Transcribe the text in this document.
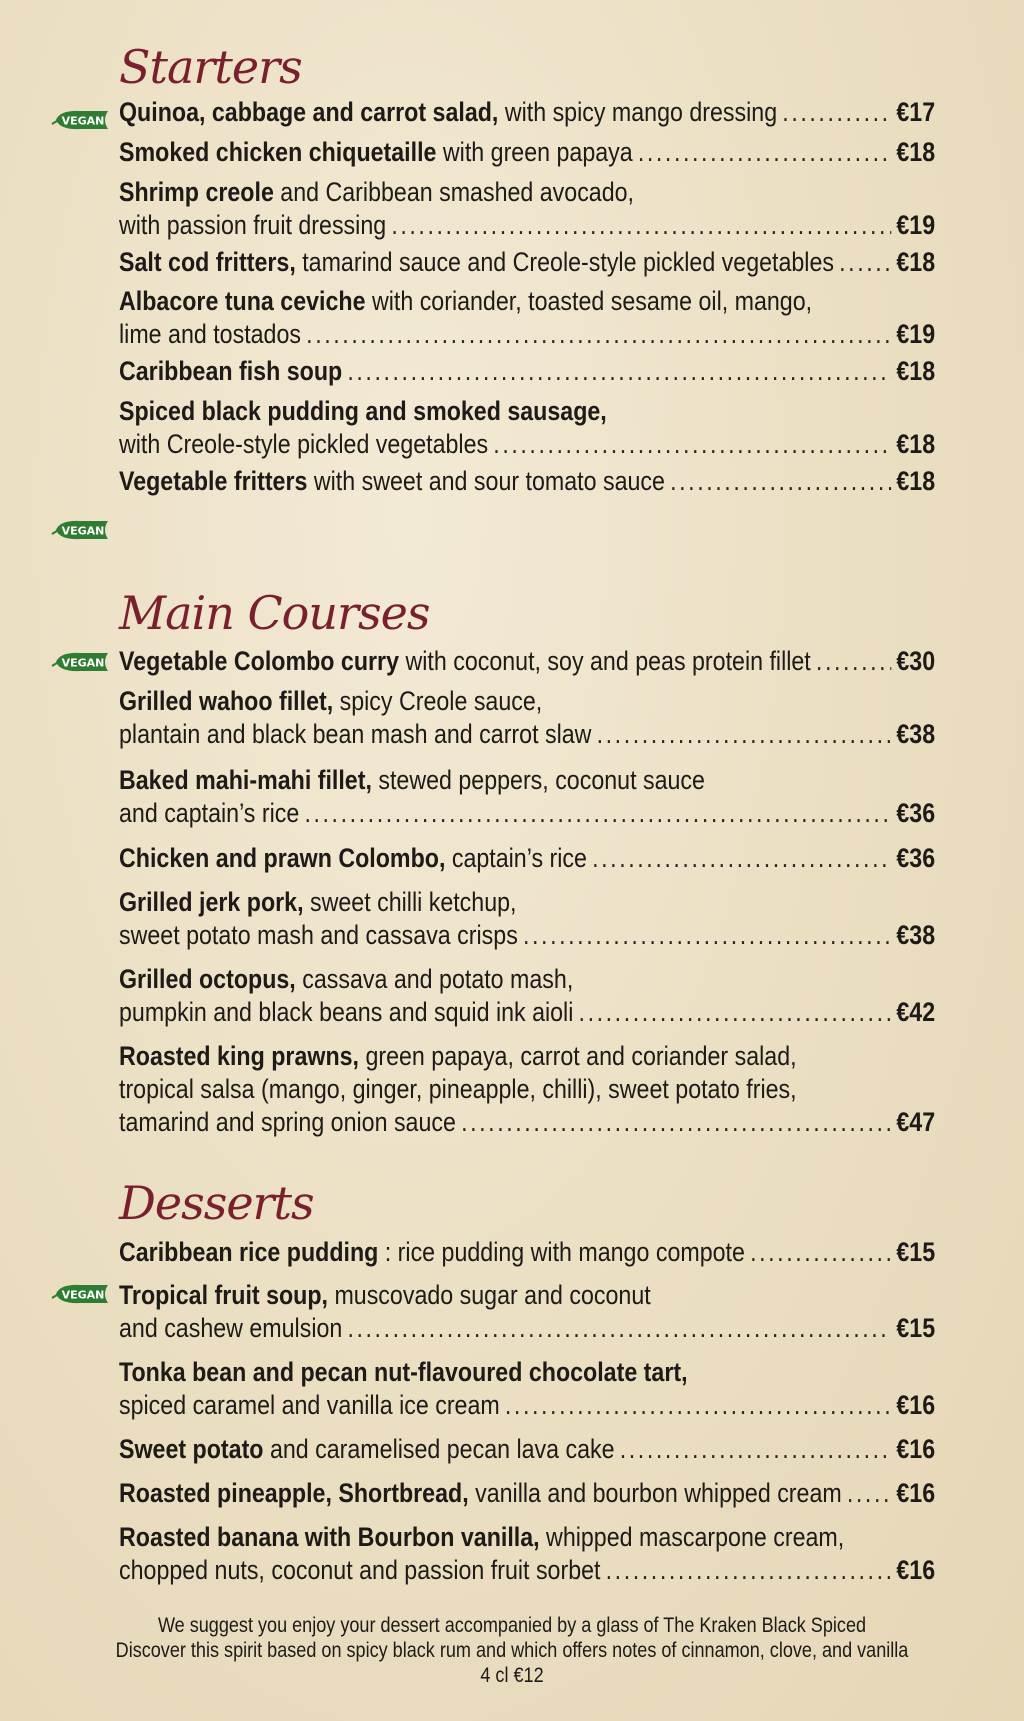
Starters
VEGAN Quinoa, cabbage and carrot salad, with spicy mango dressing .....	€17
Smoked chicken chiquetaille with green papaya .....	€18
Shrimp creole and Caribbean smashed avocado,
with passion fruit dressing .....	€19
Salt cod fritters, tamarind sauce and Creole-style pickled vegetables ..... €18
Albacore tuna ceviche with coriander, toasted sesame oil, mango,
lime and tostados .....	€19
Caribbean fish soup .....	€18
Spiced black pudding and smoked sausage,
with Creole-style pickled vegetables .....	€18
VEGAN
Vegetable fritters with sweet and sour tomato sauce .....	€18
Main Courses
VEGAN Vegetable Colombo curry with coconut, soy and peas protein fillet .....	€30
Grilled wahoo fillet, spicy Creole sauce,
plantain and black bean mash and carrot slaw .....	€38
Baked mahi-mahi fillet, stewed peppers, coconut sauce
and captain’s rice .....	€36
Chicken and prawn Colombo, captain’s rice .....	€36
Grilled jerk pork, sweet chilli ketchup,
sweet potato mash and cassava crisps .....	€38
Grilled octopus, cassava and potato mash,
pumpkin and black beans and squid ink aioli .....	€42
Roasted king prawns, green papaya, carrot and coriander salad,
tropical salsa (mango, ginger, pineapple, chilli), sweet potato fries,
tamarind and spring onion sauce .....	€47
Desserts
Caribbean rice pudding : rice pudding with mango compote .....	€15
VEGAN Tropical fruit soup, muscovado sugar and coconut
and cashew emulsion .....	€15
Tonka bean and pecan nut-flavoured chocolate tart,
spiced caramel and vanilla ice cream .....	€16
Sweet potato and caramelised pecan lava cake .....	€16
Roasted pineapple, Shortbread, vanilla and bourbon whipped cream ..... €16
Roasted banana with Bourbon vanilla, whipped mascarpone cream,
chopped nuts, coconut and passion fruit sorbet .....	€16
We suggest you enjoy your dessert accompanied by a glass of The Kraken Black Spiced
Discover this spirit based on spicy black rum and which offers notes of cinnamon, clove, and vanilla
4 cl €12
